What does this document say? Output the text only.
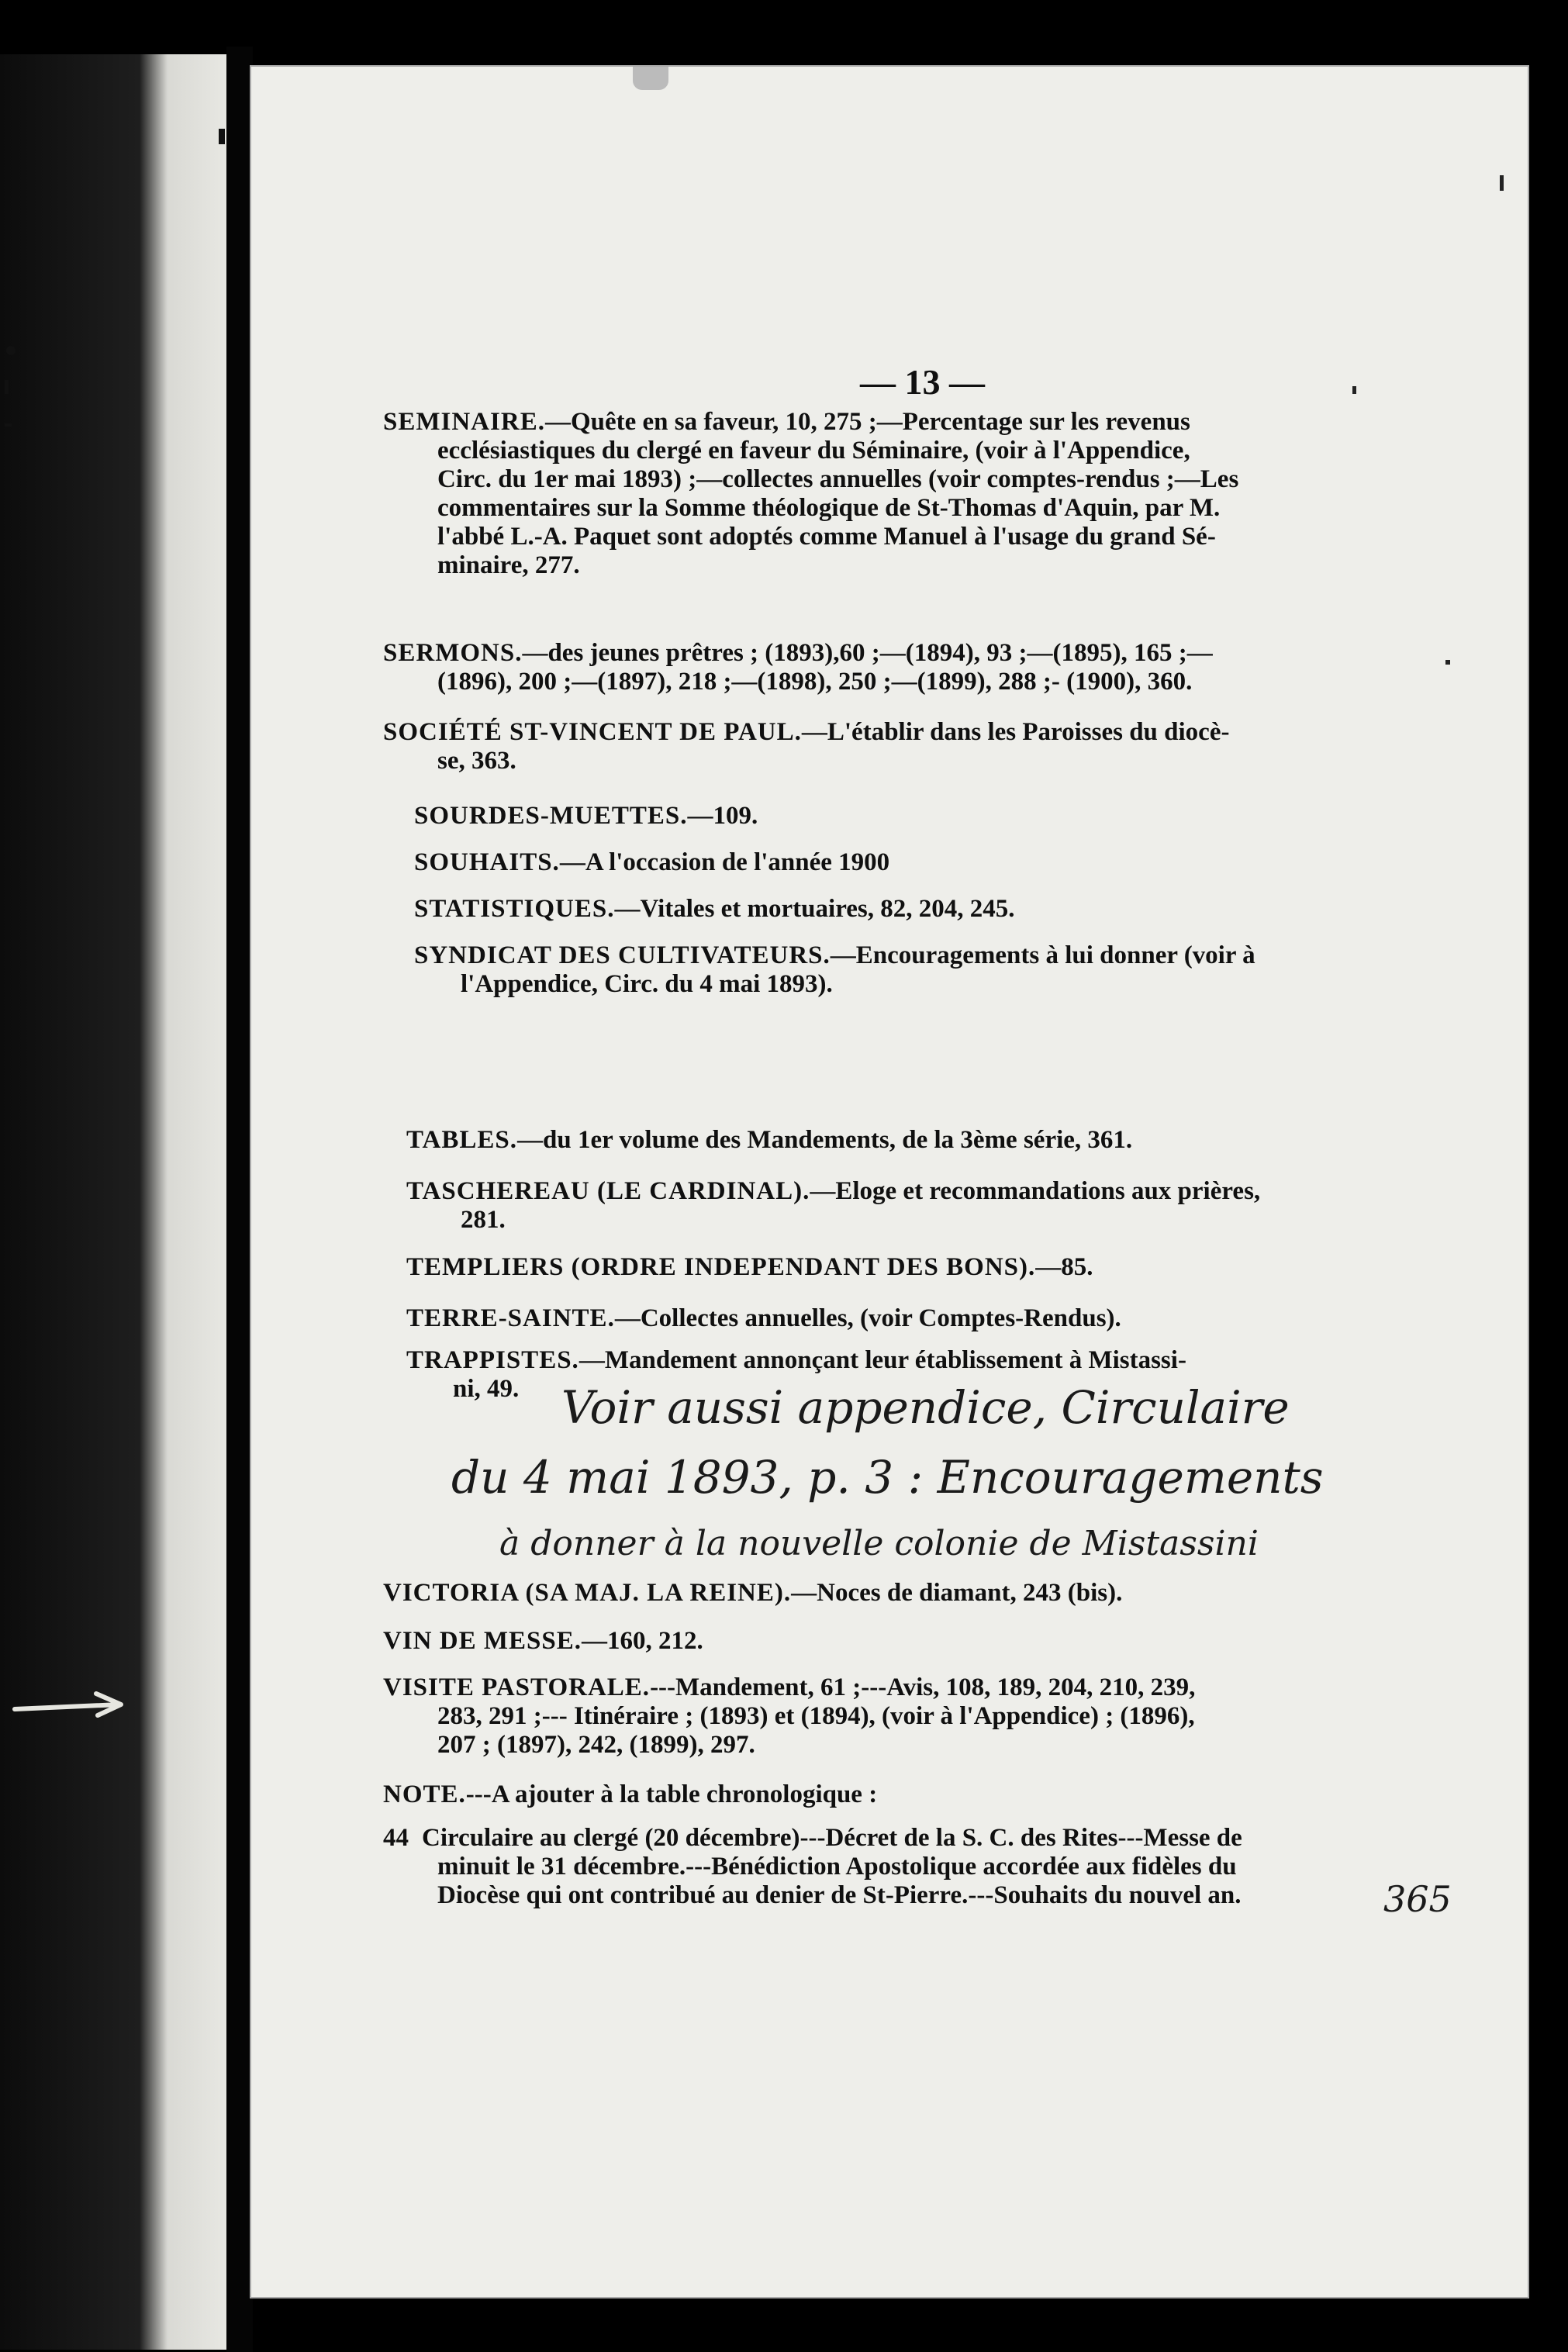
— 13 —
SEMINAIRE.—Quête en sa faveur, 10, 275 ;—Percentage sur les revenus
ecclésiastiques du clergé en faveur du Séminaire, (voir à l'Appendice,
Circ. du 1er mai 1893) ;—collectes annuelles (voir comptes-rendus ;—Les
commentaires sur la Somme théologique de St-Thomas d'Aquin, par M.
l'abbé L.-A. Paquet sont adoptés comme Manuel à l'usage du grand Sé-
minaire, 277.
SERMONS.—des jeunes prêtres ; (1893),60 ;—(1894), 93 ;—(1895), 165 ;—
(1896), 200 ;—(1897), 218 ;—(1898), 250 ;—(1899), 288 ;- (1900), 360.
SOCIÉTÉ ST-VINCENT DE PAUL.—L'établir dans les Paroisses du diocè-
se, 363.
SOURDES-MUETTES.—109.
SOUHAITS.—A l'occasion de l'année 1900
STATISTIQUES.—Vitales et mortuaires, 82, 204, 245.
SYNDICAT DES CULTIVATEURS.—Encouragements à lui donner (voir à
l'Appendice, Circ. du 4 mai 1893).
TABLES.—du 1er volume des Mandements, de la 3ème série, 361.
TASCHEREAU (LE CARDINAL).—Eloge et recommandations aux prières,
281.
TEMPLIERS (ORDRE INDEPENDANT DES BONS).—85.
TERRE-SAINTE.—Collectes annuelles, (voir Comptes-Rendus).
TRAPPISTES.—Mandement annonçant leur établissement à Mistassi-
ni, 49. Voir aussi appendice, Circulaire
du 4 mai 1893, p. 3 : Encouragements
à donner à la nouvelle colonie de Mistassini
VICTORIA (SA MAJ. LA REINE).—Noces de diamant, 243 (bis).
VIN DE MESSE.—160, 212.
VISITE PASTORALE.---Mandement, 61 ;---Avis, 108, 189, 204, 210, 239,
283, 291 ;--- Itinéraire ; (1893) et (1894), (voir à l'Appendice) ; (1896),
207 ; (1897), 242, (1899), 297.
NOTE.---A ajouter à la table chronologique :
44 Circulaire au clergé (20 décembre)---Décret de la S. C. des Rites---Messe de
minuit le 31 décembre.---Bénédiction Apostolique accordée aux fidèles du
Diocèse qui ont contribué au denier de St-Pierre.---Souhaits du nouvel an.	365
